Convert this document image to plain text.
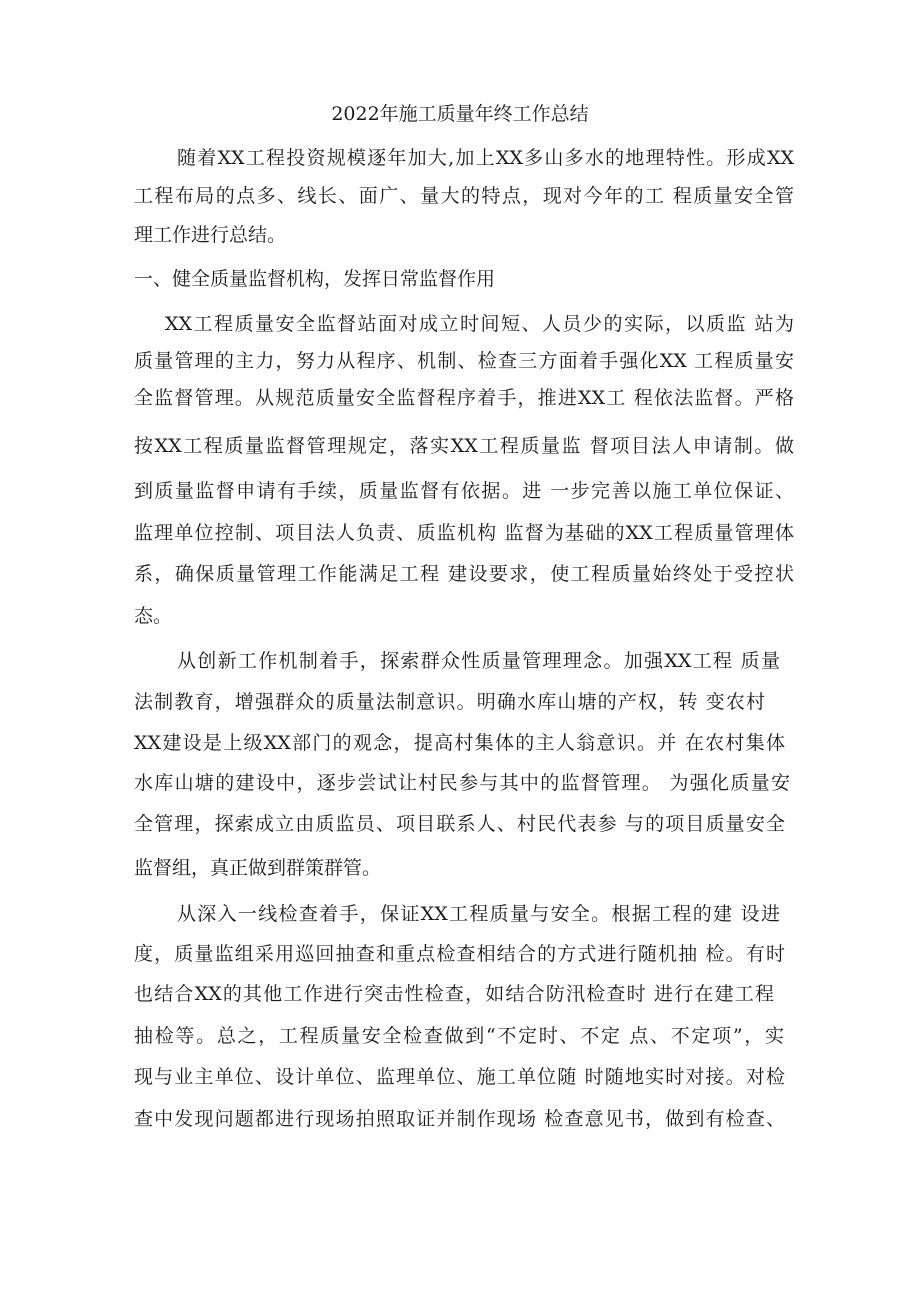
2022年施工质量年终工作总结
随着XX工程投资规模逐年加大,加上XX多山多水的地理特性。形成XX
工程布局的点多、线长、面广、量大的特点，现对今年的工 程质量安全管
理工作进行总结。
一、健全质量监督机构，发挥日常监督作用
XX工程质量安全监督站面对成立时间短、人员少的实际，以质监 站为
质量管理的主力，努力从程序、机制、检查三方面着手强化XX 工程质量安
全监督管理。从规范质量安全监督程序着手，推进XX工 程依法监督。严格
按XX工程质量监督管理规定，落实XX工程质量监 督项目法人申请制。做
到质量监督申请有手续，质量监督有依据。进 一步完善以施工单位保证、
监理单位控制、项目法人负责、质监机构 监督为基础的XX工程质量管理体
系，确保质量管理工作能满足工程 建设要求，使工程质量始终处于受控状
态。
从创新工作机制着手，探索群众性质量管理理念。加强XX工程 质量
法制教育，增强群众的质量法制意识。明确水库山塘的产权，转 变农村
XX建设是上级XX部门的观念，提高村集体的主人翁意识。并 在农村集体
水库山塘的建设中，逐步尝试让村民参与其中的监督管理。 为强化质量安
全管理，探索成立由质监员、项目联系人、村民代表参 与的项目质量安全
监督组，真正做到群策群管。
从深入一线检查着手，保证XX工程质量与安全。根据工程的建 设进
度，质量监组采用巡回抽查和重点检查相结合的方式进行随机抽 检。有时
也结合XX的其他工作进行突击性检查，如结合防汛检查时 进行在建工程
抽检等。总之，工程质量安全检查做到“不定时、不定 点、不定项”，实
现与业主单位、设计单位、监理单位、施工单位随 时随地实时对接。对检
查中发现问题都进行现场拍照取证并制作现场 检查意见书，做到有检查、
